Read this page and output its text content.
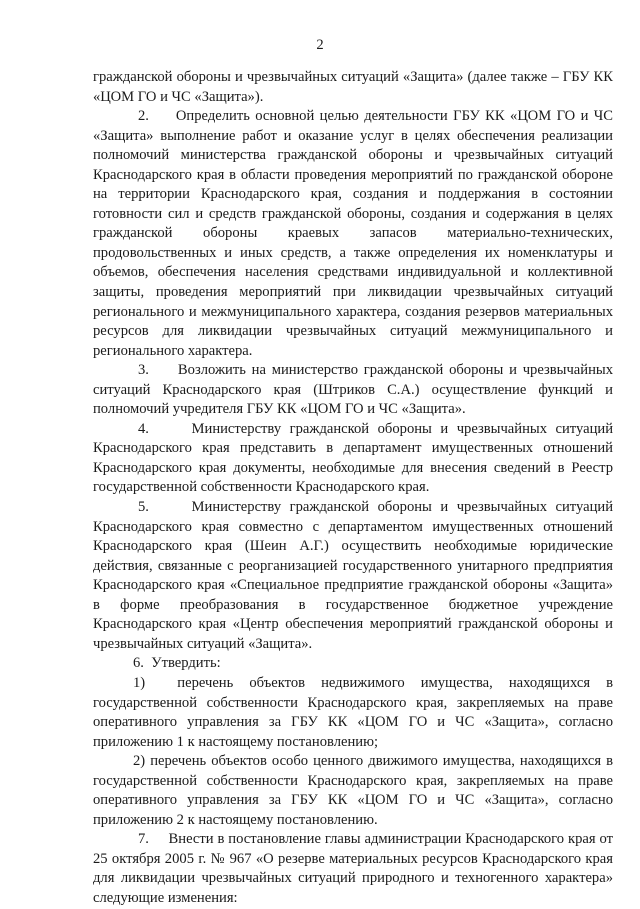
2

гражданской обороны и чрезвычайных ситуаций «Защита» (далее также – ГБУ КК «ЦОМ ГО и ЧС «Защита»).

2.     Определить основной целью деятельности ГБУ КК «ЦОМ ГО и ЧС «Защита» выполнение работ и оказание услуг в целях обеспечения реализации полномочий министерства гражданской обороны и чрезвычайных ситуаций Краснодарского края в области проведения мероприятий по гражданской обороне на территории Краснодарского края, создания и поддержания в состоянии готовности сил и средств гражданской обороны, создания и содержания в целях гражданской обороны краевых запасов материально-технических, продовольственных и иных средств, а также определения их номенклатуры и объемов, обеспечения населения средствами индивидуальной и коллективной защиты, проведения мероприятий при ликвидации чрезвычайных ситуаций регионального и межмуниципального характера, создания резервов материальных ресурсов для ликвидации чрезвычайных ситуаций межмуниципального и регионального характера.

3.     Возложить на министерство гражданской обороны и чрезвычайных ситуаций Краснодарского края (Штриков С.А.) осуществление функций и полномочий учредителя ГБУ КК «ЦОМ ГО и ЧС «Защита».

4.     Министерству гражданской обороны и чрезвычайных ситуаций Краснодарского края представить в департамент имущественных отношений Краснодарского края документы, необходимые для внесения сведений в Реестр государственной собственности Краснодарского края.

5.     Министерству гражданской обороны и чрезвычайных ситуаций Краснодарского края совместно с департаментом имущественных отношений Краснодарского края (Шеин А.Г.) осуществить необходимые юридические действия, связанные с реорганизацией государственного унитарного предприятия Краснодарского края «Специальное предприятие гражданской обороны «Защита» в форме преобразования в государственное бюджетное учреждение Краснодарского края «Центр обеспечения мероприятий гражданской обороны и чрезвычайных ситуаций «Защита».

6.  Утвердить:

1)  перечень объектов недвижимого имущества, находящихся в государственной собственности Краснодарского края, закрепляемых на праве оперативного управления за ГБУ КК «ЦОМ ГО и ЧС «Защита», согласно приложению 1 к настоящему постановлению;

2) перечень объектов особо ценного движимого имущества, находящихся в государственной собственности Краснодарского края, закрепляемых на праве оперативного управления за ГБУ КК «ЦОМ ГО и ЧС «Защита», согласно приложению 2 к настоящему постановлению.

7.     Внести в постановление главы администрации Краснодарского края от 25 октября 2005 г. № 967 «О резерве материальных ресурсов Краснодарского края для ликвидации чрезвычайных ситуаций природного и техногенного характера» следующие изменения:
